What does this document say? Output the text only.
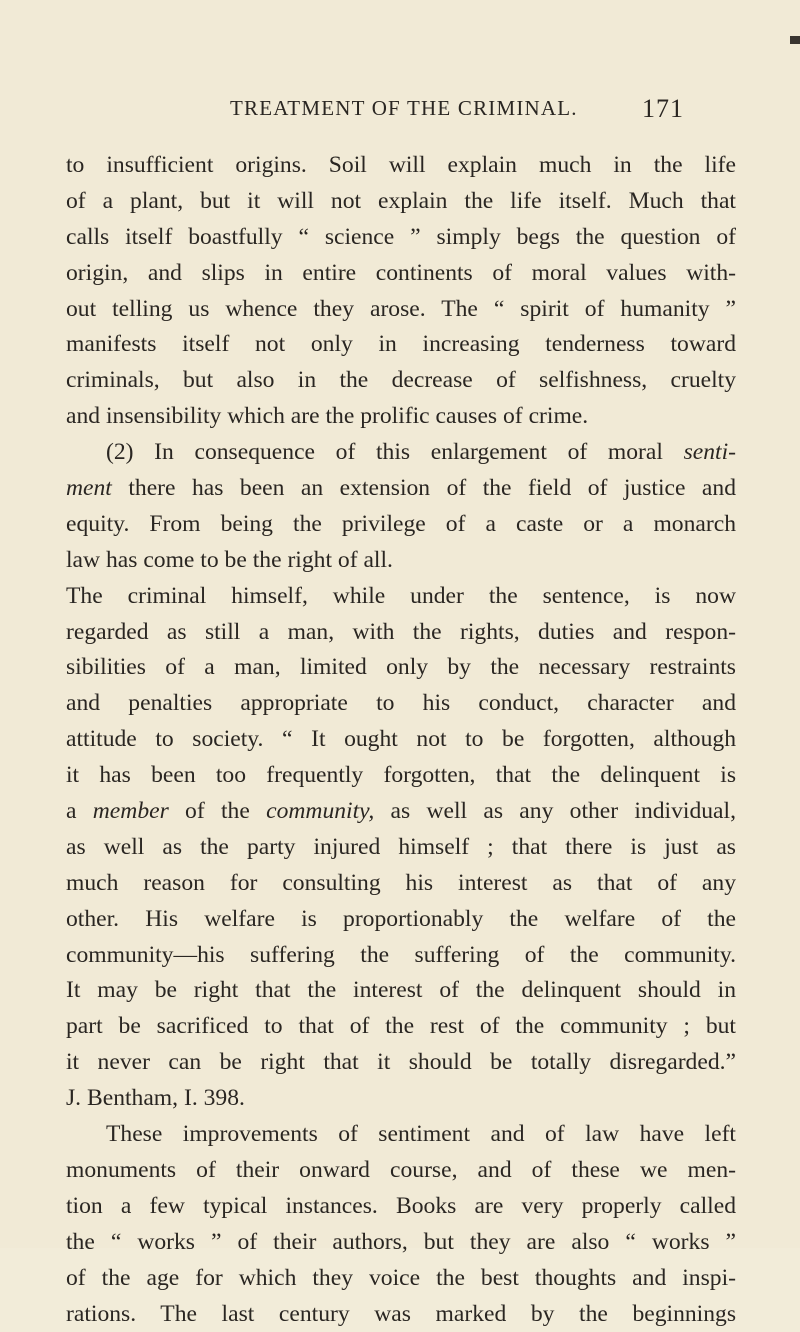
TREATMENT OF THE CRIMINAL. 171
to insufficient origins. Soil will explain much in the life
of a plant, but it will not explain the life itself. Much that
calls itself boastfully “ science ” simply begs the question of
origin, and slips in entire continents of moral values with-
out telling us whence they arose. The “ spirit of humanity ”
manifests itself not only in increasing tenderness toward
criminals, but also in the decrease of selfishness, cruelty
and insensibility which are the prolific causes of crime.
(2) In consequence of this enlargement of moral senti-
ment there has been an extension of the field of justice and
equity. From being the privilege of a caste or a monarch
law has come to be the right of all.
The criminal himself, while under the sentence, is now
regarded as still a man, with the rights, duties and respon-
sibilities of a man, limited only by the necessary restraints
and penalties appropriate to his conduct, character and
attitude to society. “ It ought not to be forgotten, although
it has been too frequently forgotten, that the delinquent is
a member of the community, as well as any other individual,
as well as the party injured himself ; that there is just as
much reason for consulting his interest as that of any
other. His welfare is proportionably the welfare of the
community—his suffering the suffering of the community.
It may be right that the interest of the delinquent should in
part be sacrificed to that of the rest of the community ; but
it never can be right that it should be totally disregarded.”
J. Bentham, I. 398.
These improvements of sentiment and of law have left
monuments of their onward course, and of these we men-
tion a few typical instances. Books are very properly called
the “ works ” of their authors, but they are also “ works ”
of the age for which they voice the best thoughts and inspi-
rations. The last century was marked by the beginnings
